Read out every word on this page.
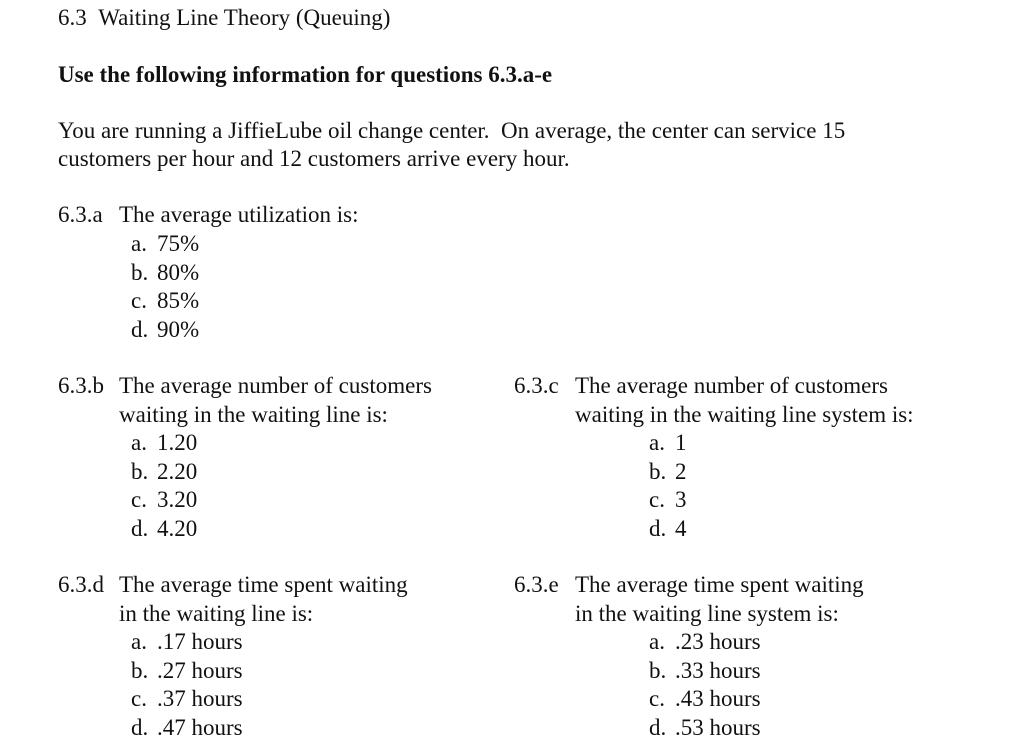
6.3 Waiting Line Theory (Queuing)
Use the following information for questions 6.3.a-e
You are running a JiffieLube oil change center.  On average, the center can service 15
customers per hour and 12 customers arrive every hour.
6.3.a The average utilization is:
a. 75%
b. 80%
c. 85%
d. 90%
6.3.b The average number of customers
waiting in the waiting line is:
a. 1.20
b. 2.20
c. 3.20
d. 4.20
6.3.c The average number of customers
waiting in the waiting line system is:
a. 1
b. 2
c. 3
d. 4
6.3.d The average time spent waiting
in the waiting line is:
a. .17 hours
b. .27 hours
c. .37 hours
d. .47 hours
6.3.e The average time spent waiting
in the waiting line system is:
a. .23 hours
b. .33 hours
c. .43 hours
d. .53 hours
